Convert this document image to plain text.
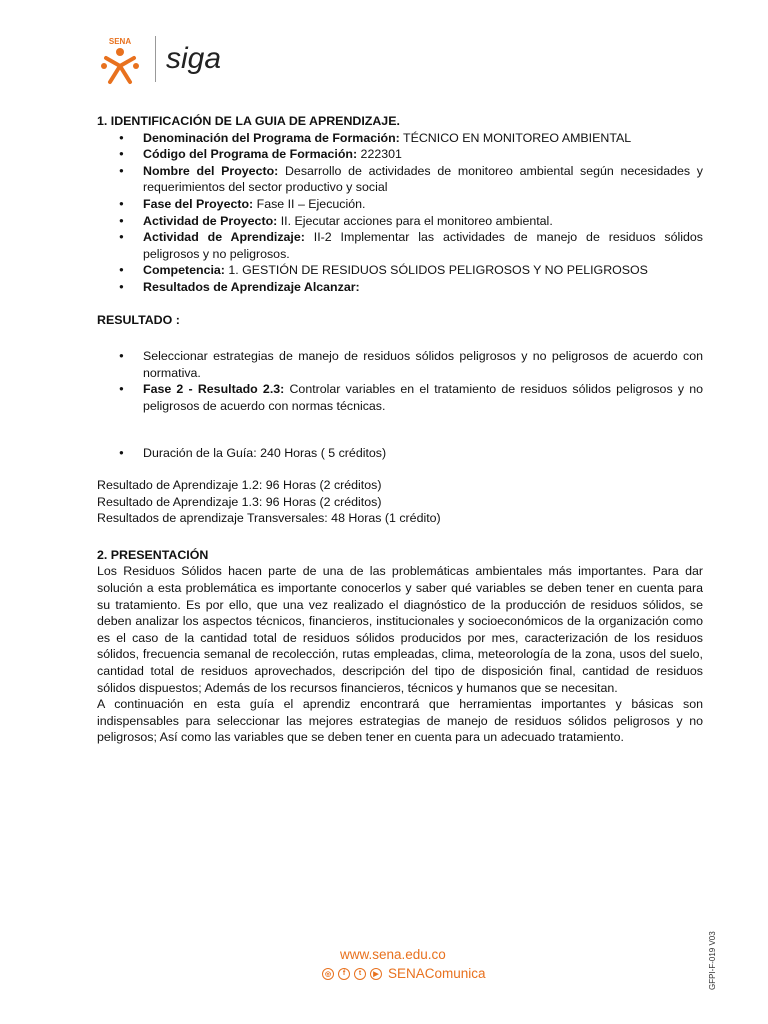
SENA
siga

1. IDENTIFICACIÓN DE LA GUIA DE APRENDIZAJE.

● Denominación del Programa de Formación: TÉCNICO EN MONITOREO AMBIENTAL
● Código del Programa de Formación: 222301
● Nombre del Proyecto: Desarrollo de actividades de monitoreo ambiental según necesidades y requerimientos del sector productivo y social
● Fase del Proyecto: Fase II – Ejecución.
● Actividad de Proyecto: II. Ejecutar acciones para el monitoreo ambiental.
● Actividad de Aprendizaje: II-2 Implementar las actividades de manejo de residuos sólidos peligrosos y no peligrosos.
● Competencia: 1. GESTIÓN DE RESIDUOS SÓLIDOS PELIGROSOS Y NO PELIGROSOS
● Resultados de Aprendizaje Alcanzar:

RESULTADO :

● Seleccionar estrategias de manejo de residuos sólidos peligrosos y no peligrosos de acuerdo con normativa.
● Fase 2 - Resultado 2.3: Controlar variables en el tratamiento de residuos sólidos peligrosos y no peligrosos de acuerdo con normas técnicas.
● Duración de la Guía: 240 Horas ( 5 créditos)

Resultado de Aprendizaje 1.2: 96 Horas (2 créditos)

Resultado de Aprendizaje 1.3: 96 Horas (2 créditos)

Resultados de aprendizaje Transversales: 48 Horas (1 crédito)

2. PRESENTACIÓN

Los Residuos Sólidos hacen parte de una de las problemáticas ambientales más importantes. Para dar solución a esta problemática es importante conocerlos y saber qué variables se deben tener en cuenta para su tratamiento. Es por ello, que una vez realizado el diagnóstico de la producción de residuos sólidos, se deben analizar los aspectos técnicos, financieros, institucionales y socioeconómicos de la organización como es el caso de la cantidad total de residuos sólidos producidos por mes, caracterización de los residuos sólidos, frecuencia semanal de recolección, rutas empleadas, clima, meteorología de la zona, usos del suelo, cantidad total de residuos aprovechados, descripción del tipo de disposición final, cantidad de residuos sólidos dispuestos; Además de los recursos financieros, técnicos y humanos que se necesitan.

A continuación en esta guía el aprendiz encontrará que herramientas importantes y básicas son indispensables para seleccionar las mejores estrategias de manejo de residuos sólidos peligrosos y no peligrosos; Así como las variables que se deben tener en cuenta para un adecuado tratamiento.

www.sena.edu.co
◎	f	t	▶ SENAComunica	GFPI-F-019 V03
